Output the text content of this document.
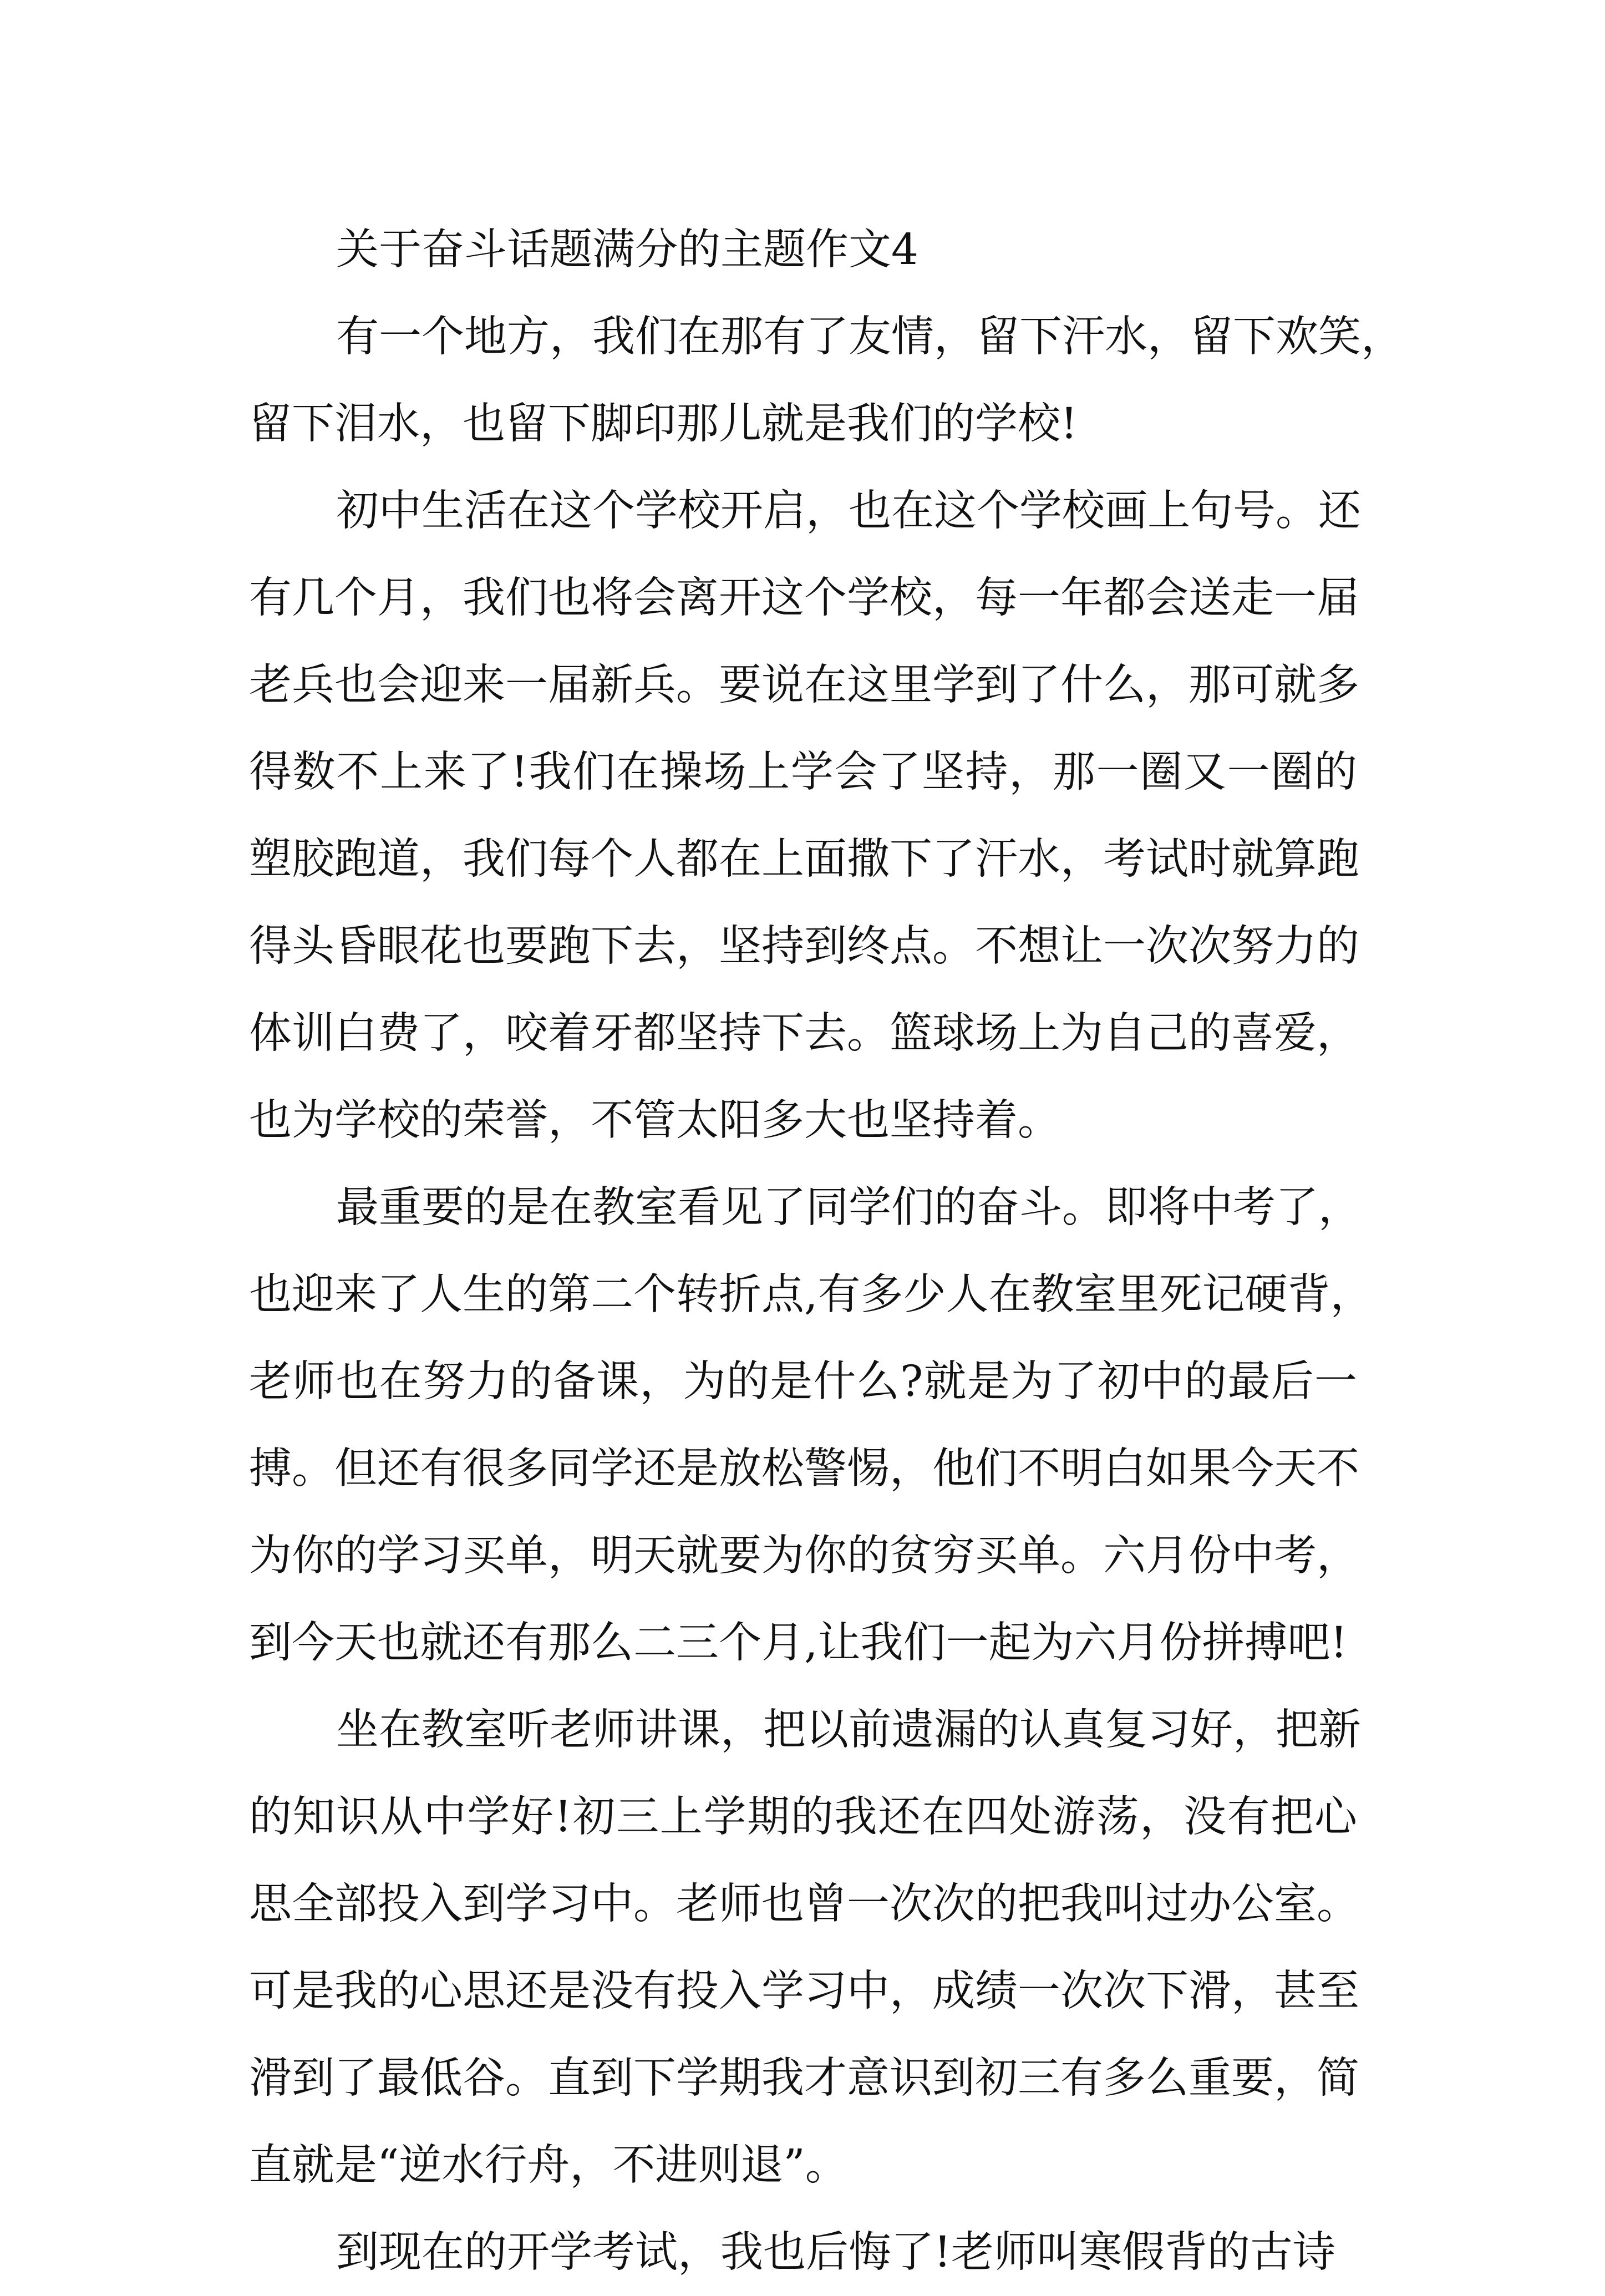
关于奋斗话题满分的主题作文4
有一个地方，我们在那有了友情，留下汗水，留下欢笑，
留下泪水，也留下脚印那儿就是我们的学校!
初中生活在这个学校开启，也在这个学校画上句号。还
有几个月，我们也将会离开这个学校，每一年都会送走一届
老兵也会迎来一届新兵。要说在这里学到了什么，那可就多
得数不上来了!我们在操场上学会了坚持，那一圈又一圈的
塑胶跑道，我们每个人都在上面撒下了汗水，考试时就算跑
得头昏眼花也要跑下去，坚持到终点。不想让一次次努力的
体训白费了，咬着牙都坚持下去。篮球场上为自己的喜爱，
也为学校的荣誉，不管太阳多大也坚持着。
最重要的是在教室看见了同学们的奋斗。即将中考了，
也迎来了人生的第二个转折点,有多少人在教室里死记硬背，
老师也在努力的备课，为的是什么?就是为了初中的最后一
搏。但还有很多同学还是放松警惕，他们不明白如果今天不
为你的学习买单，明天就要为你的贫穷买单。六月份中考，
到今天也就还有那么二三个月,让我们一起为六月份拼搏吧!
坐在教室听老师讲课，把以前遗漏的认真复习好，把新
的知识从中学好!初三上学期的我还在四处游荡，没有把心
思全部投入到学习中。老师也曾一次次的把我叫过办公室。
可是我的心思还是没有投入学习中，成绩一次次下滑，甚至
滑到了最低谷。直到下学期我才意识到初三有多么重要，简
直就是“逆水行舟，不进则退”。
到现在的开学考试，我也后悔了!老师叫寒假背的古诗
